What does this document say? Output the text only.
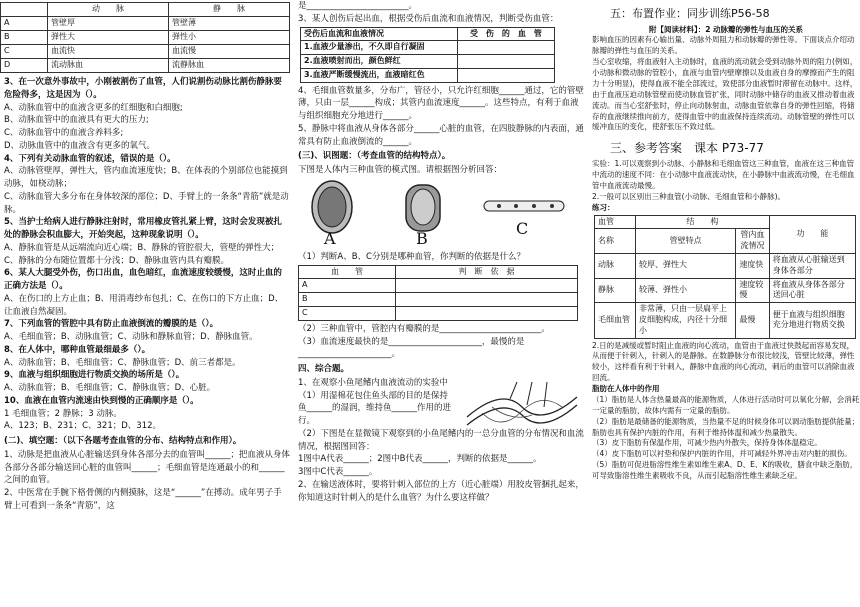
	动　　脉	静　　脉
A	管壁厚	管壁薄
B	弹性大	弹性小
C	血流快	血流慢
D	流动脉血	流静脉血
3、在一次意外事故中，小刚被割伤了血管，人们说割伤动脉比割伤静脉要危险得多，这是因为（）。
A、动脉血管中的血液含更多的红细胞和白细胞;
B、动脉血管中的血液具有更大的压力;
C、动脉血管中的血液含养料多;
D、动脉血管中的血液含有更多的氧气。
4、下列有关动脉血管的叙述，错误的是（）。
A、动脉管壁厚，弹性大，管内血流速度快；B、在体表的个别部位也能摸到动脉，如桡动脉；
C、动脉血管大多分布在身体较深的部位；D、手臂上的一条条“青筋”就是动脉。
5、当护士给病人进行静脉注射时，常用橡皮管扎紧上臂，这时会发现被扎处的静脉会积血膨大，开始突起，这种现象说明（）。
A、静脉血管是从远端流向近心端；B、静脉的管腔很大，管壁的弹性大；
C、静脉的分布随位置都十分浅；D、静脉血管内具有瓣膜。
6、某人大腿受外伤，伤口出血，血色暗红，血流速度较缓慢，这时止血的正确方法是（）。
A、在伤口的上方止血；B、用消毒纱布包扎；C、在伤口的下方止血；D、让血液自然凝固。
7、下列血管的管腔中具有防止血液倒流的瓣膜的是（）。
A、毛细血管；B、动脉血管；C、动脉和静脉血管；D、静脉血管。
8、在人体中，哪种血管最细最多（）。
A、动脉血管；B、毛细血管；C、静脉血管；D、前三者都是。
9、血液与组织细胞进行物质交换的场所是（）。
A、动脉血管；B、毛细血管；C、静脉血管；D、心脏。
10、血液在血管内流速由快到慢的正确顺序是（）。
1 毛细血管；2 静脉；3 动脉。
A、123；B、231；C、321；D、312。
(二)、填空题：（以下各题考查血管的分布、结构特点和作用）。
1、动脉是把血液从心脏输送到身体各部分去的血管叫______；把血液从身体各部分各部分输送回心脏的血管叫______；毛细血管是连通最小的和______之间的血管。
2、中医常在手腕下格骨侧的内侧摸脉，这是“______”在搏动。成年男子手臂上可看到一条条“青筋”，这
是________________________。
3、某人创伤后起出血，根据受伤后血流和血液情况，判断受伤血管：
受伤后血流和血液情况	受　伤　的　血　管
1.血液少量渗出，不久即自行凝固	
2.血液喷射而出，颜色鲜红	
3.血液严断缓慢流出，血液暗红色	
4、毛细血管数量多，分布广，管径小，只允许红细胞______通过，它的管壁薄，只由一层______构成；其管内血流速度______。这些特点，有利于血液与组织细胞充分地进行______。
5、静脉中将血液从身体各部分______心脏的血管，在四肢静脉的内表面，通常具有防止血液倒流的______。
(三)、识图题：（考查血管的结构特点）。
下图是人体内三种血管的模式图。请根据图分析回答：
A	B
C
（1）判断A、B、C分别是哪种血管，你判断的依据是什么？
血　　管	判　断　依　据
A	
B	
C	
（2）三种血管中，管腔内有瓣膜的是________________________。
（3）血流速度最快的是______________________，最慢的是______________________。
四、综合题。
1、在观察小鱼尾鳍内血液流动的实验中
（1）用湿棉花包住鱼头部的目的是保持鱼______的湿润，维持鱼______作用的进行。
（2）下图是在显微镜下观察到的小鱼尾鳍内的一总分血管的分布情况和血流情况，根据图回答：
1图中A代表______；2图中B代表______，判断的依据是______。
3图中C代表______。
2、在输送液体时，要将针刺入部位的上方（近心脏端）用胶皮管捆扎起来，你知道这时针刺入的是什么血管？为什么要这样做？
五：布置作业：同步训练P56-58
附【阅读材料】：2 动脉瓣的弹性与血压的关系
影响血压的因素有心输出量、动脉外周阻力和动脉瓣的弹性等。下面谈点介绍动脉瓣的弹性与血压的关系。
当心室收缩，将血液射入主动脉时，血液的流动就会受到动脉外周的阻力(例如，小动脉和微动脉的管腔小，血液与血管内壁摩擦以及血液自身的摩擦而产生的阻力十分明显)，使得血液不能全部流过，致使部分血液暂时滞留在动脉中。这样，由于血液压迫动脉管壁而使动脉血管扩张，同时动脉中储存的血液又推动着血液流动。而当心室舒张时，停止向动脉射血，动脉血管依靠自身的弹性回缩，将储存的血液继续推向前方，使得血管中的血液保持连续流动。动脉管壁的弹性可以缓冲血压的变化，使舒张压不致过低。
三、参考答案　课本 P73-77
实验：1.可以观察到小动脉、小静脉和毛细血管这三种血管，血液在这三种血管中流动的速度不同：在小动脉中血液流动快，在小静脉中血液流动慢，在毛细血管中血液流动最慢。
2.一般可以区别出三种血管(小动脉、毛细血管和小静脉)。
练习：
血管	结　　构		功　　能
名称	管壁特点	管内血流情况	
动脉	较厚、弹性大	速度快	将血液从心脏输送到身体各部分
静脉	较薄、弹性小	速度较慢	将血液从身体各部分送回心脏
毛细血管	非常薄，只由一层扁平上皮细胞构成，内径十分细小	最慢	便于血液与组织细胞充分地进行物质交换
2.日的是减缓或暂时阻止血液的向心流动，血管由于血液过快鼓起而容易发现，从而便于针刺入，针刺入的是静脉。在数静脉分布很比较浅，管壁比较薄，弹性较小，这样看有利于针刺入，静脉中血液的向心流动，刺后的血管可以消除血液回流。
脂肪在人体中的作用
（1）脂肪是人体含热量最高的能源物质，人体进行活动时可以氧化分解，会消耗一定量的脂肪，故体内需有一定量的脂肪。
（2）脂肪是最储备的能源物质，当热量不足的时候身体可以调动脂肪提供能量；脂肪也具有保护内脏的作用，有利于维持体温和减少热量散失。
（3）皮下脂肪有保温作用，可减少热内外散失，保持身体体温稳定。
（4）皮下脂肪可以衬垫和保护内脏的作用，并可减轻外界冲击对内脏的损伤。
（5）脂肪可促进脂溶性维生素如维生素A、D、E、K的吸收，膳食中缺乏脂肪，可导致脂溶性维生素吸收不良，从而引起脂溶性维生素缺乏症。
